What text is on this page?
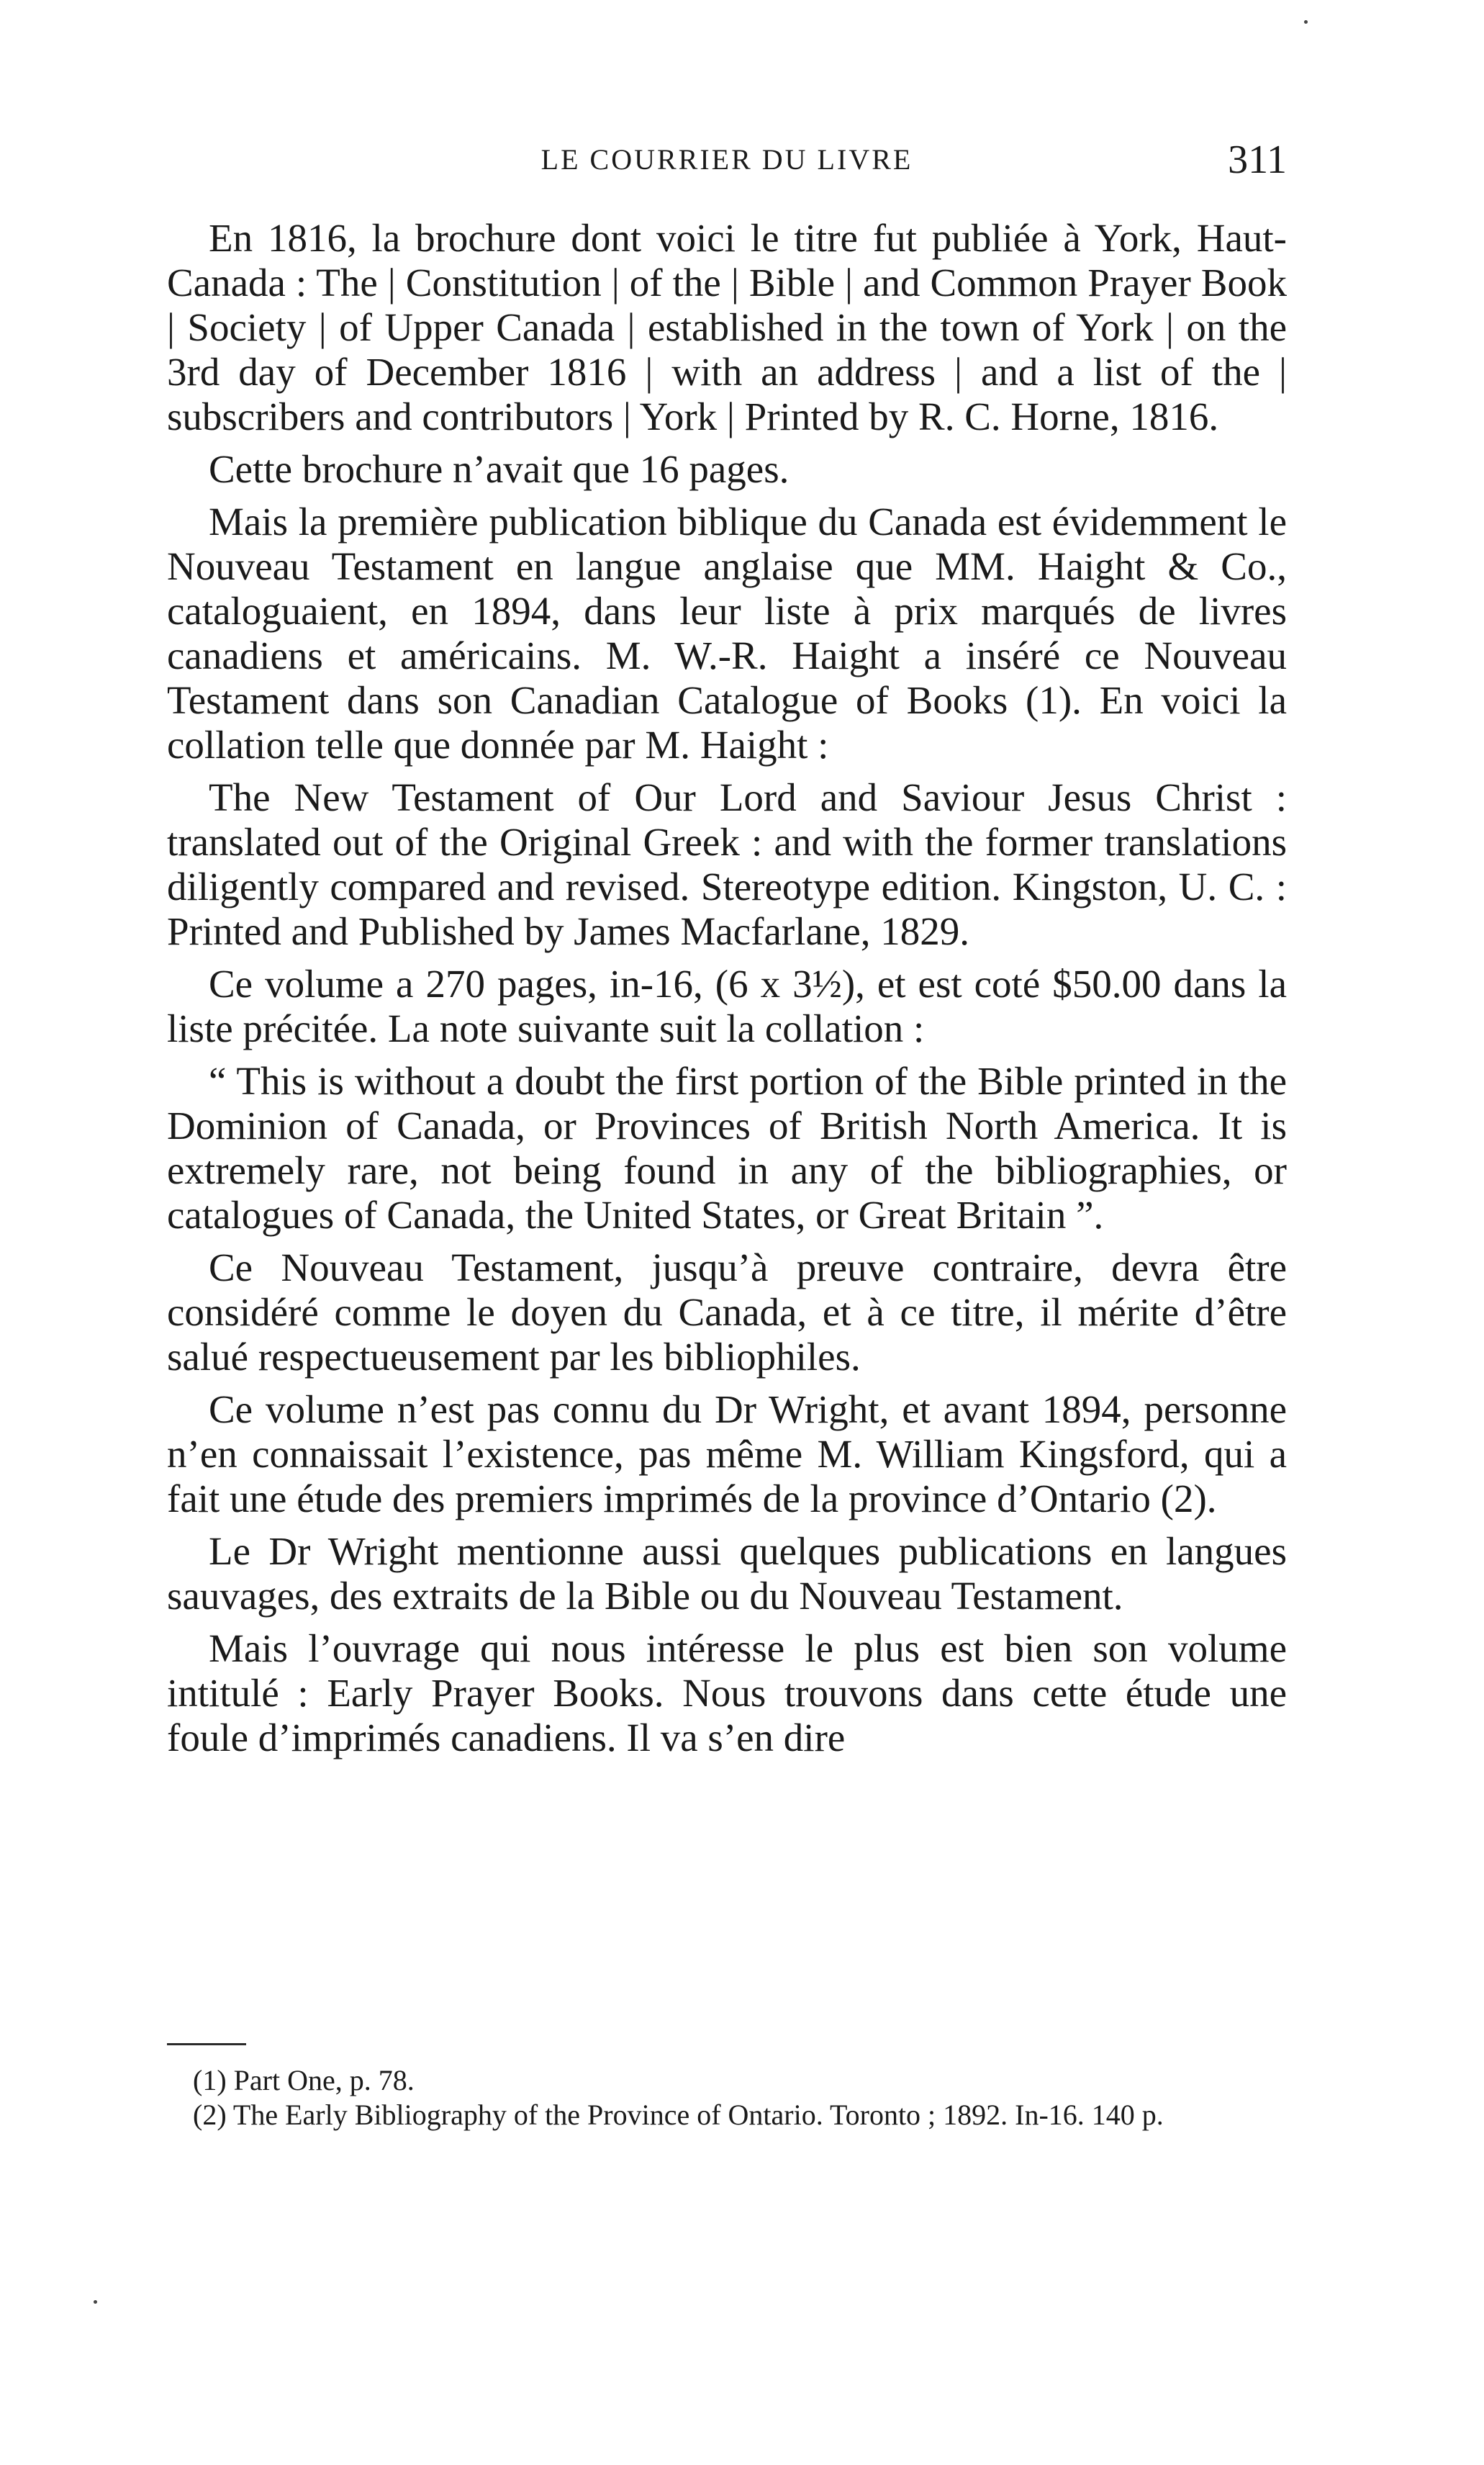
LE COURRIER DU LIVRE	311

En 1816, la brochure dont voici le titre fut publiée à York, Haut-Canada : The | Constitution | of the | Bible | and Common Prayer Book | Society | of Upper Canada | established in the town of York | on the 3rd day of December 1816 | with an address | and a list of the | subscribers and contributors | York | Printed by R. C. Horne, 1816.

Cette brochure n’avait que 16 pages.

Mais la première publication biblique du Canada est évidemment le Nouveau Testament en langue anglaise que MM. Haight & Co., cataloguaient, en 1894, dans leur liste à prix marqués de livres canadiens et américains. M. W.-R. Haight a inséré ce Nouveau Testament dans son Canadian Catalogue of Books (1). En voici la collation telle que donnée par M. Haight :

The New Testament of Our Lord and Saviour Jesus Christ : translated out of the Original Greek : and with the former translations diligently compared and revised. Stereotype edition. Kingston, U. C. : Printed and Published by James Macfarlane, 1829.

Ce volume a 270 pages, in-16, (6 x 3½), et est coté $50.00 dans la liste précitée. La note suivante suit la collation :

“ This is without a doubt the first portion of the Bible printed in the Dominion of Canada, or Provinces of British North America. It is extremely rare, not being found in any of the bibliographies, or catalogues of Canada, the United States, or Great Britain ”.

Ce Nouveau Testament, jusqu’à preuve contraire, devra être considéré comme le doyen du Canada, et à ce titre, il mérite d’être salué respectueusement par les bibliophiles.

Ce volume n’est pas connu du Dr Wright, et avant 1894, personne n’en connaissait l’existence, pas même M. William Kingsford, qui a fait une étude des premiers imprimés de la province d’Ontario (2).

Le Dr Wright mentionne aussi quelques publications en langues sauvages, des extraits de la Bible ou du Nouveau Testament.

Mais l’ouvrage qui nous intéresse le plus est bien son volume intitulé : Early Prayer Books. Nous trouvons dans cette étude une foule d’imprimés canadiens. Il va s’en dire

(1) Part One, p. 78.

(2) The Early Bibliography of the Province of Ontario. Toronto ; 1892. In-16. 140 p.
